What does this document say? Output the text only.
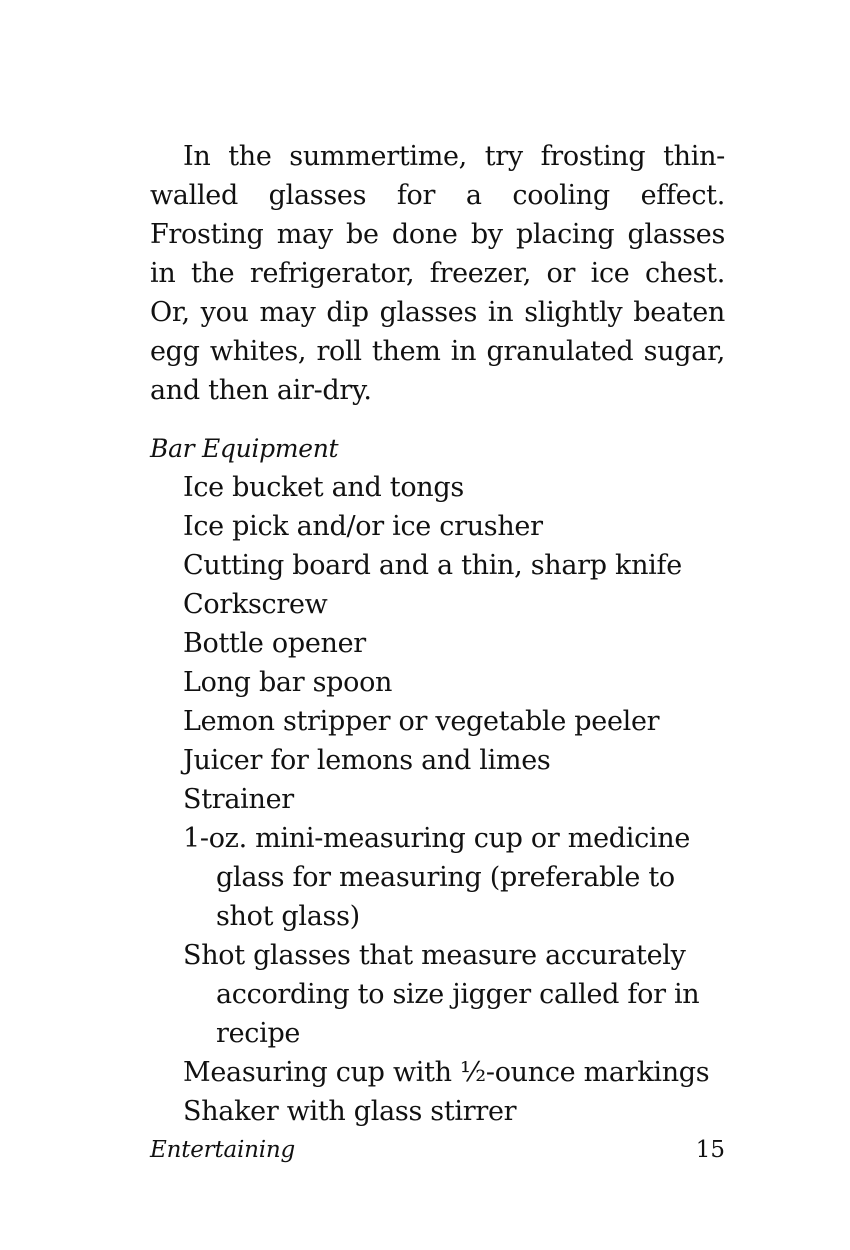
In the summertime, try frosting thin-walled glasses for a cooling effect. Frosting may be done by placing glasses in the refrigerator, freezer, or ice chest. Or, you may dip glasses in slightly beaten egg whites, roll them in granulated sugar, and then air-dry.

Bar Equipment
Ice bucket and tongs
Ice pick and/or ice crusher
Cutting board and a thin, sharp knife
Corkscrew
Bottle opener
Long bar spoon
Lemon stripper or vegetable peeler
Juicer for lemons and limes
Strainer
1-oz. mini-measuring cup or medicine glass for measuring (preferable to shot glass)
Shot glasses that measure accurately according to size jigger called for in recipe
Measuring cup with ½-ounce markings
Shaker with glass stirrer
Entertaining	15
